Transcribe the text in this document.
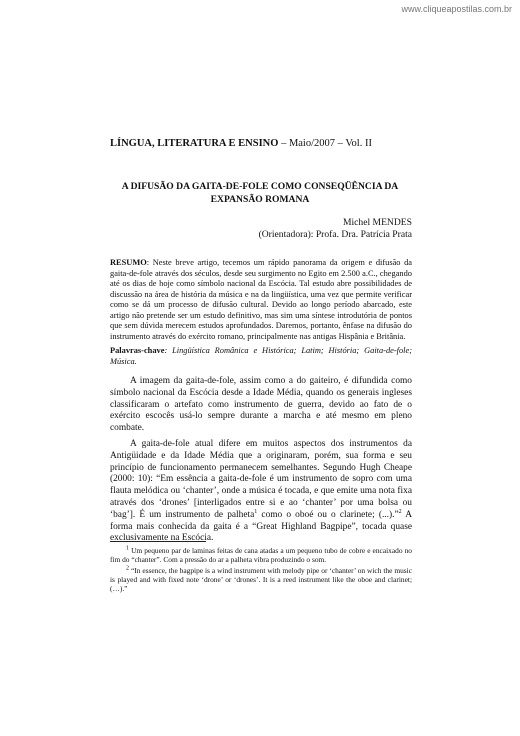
www.cliqueapostilas.com.br
LÍNGUA, LITERATURA E ENSINO – Maio/2007 – Vol. II
A DIFUSÃO DA GAITA-DE-FOLE COMO CONSEQÜÊNCIA DA EXPANSÃO ROMANA
Michel MENDES
(Orientadora): Profa. Dra. Patrícia Prata
RESUMO: Neste breve artigo, tecemos um rápido panorama da origem e difusão da gaita-de-fole através dos séculos, desde seu surgimento no Egito em 2.500 a.C., chegando até os dias de hoje como símbolo nacional da Escócia. Tal estudo abre possibilidades de discussão na área de história da música e na da lingüística, uma vez que permite verificar como se dá um processo de difusão cultural. Devido ao longo período abarcado, este artigo não pretende ser um estudo definitivo, mas sim uma síntese introdutória de pontos que sem dúvida merecem estudos aprofundados. Daremos, portanto, ênfase na difusão do instrumento através do exército romano, principalmente nas antigas Hispânia e Britânia.
Palavras-chave: Lingüística Românica e Histórica; Latim; História; Gaita-de-fole; Música.

A imagem da gaita-de-fole, assim como a do gaiteiro, é difundida como símbolo nacional da Escócia desde a Idade Média, quando os generais ingleses classificaram o artefato como instrumento de guerra, devido ao fato de o exército escocês usá-lo sempre durante a marcha e até mesmo em pleno combate.

A gaita-de-fole atual difere em muitos aspectos dos instrumentos da Antigüidade e da Idade Média que a originaram, porém, sua forma e seu princípio de funcionamento permanecem semelhantes. Segundo Hugh Cheape (2000: 10): “Em essência a gaita-de-fole é um instrumento de sopro com uma flauta melódica ou ‘chanter’, onde a música é tocada, e que emite uma nota fixa através dos ‘drones’ [interligados entre si e ao ‘chanter’ por uma bolsa ou ‘bag’]. É um instrumento de palheta$^1$ como o oboé ou o clarinete; (...).”$^2$ A forma mais conhecida da gaita é a “Great Highland Bagpipe”, tocada quase exclusivamente na Escócia.

$^1$ Um pequeno par de laminas feitas de cana atadas a um pequeno tubo de cobre e encaixado no fim do “chanter”. Com a pressão do ar a palheta vibra produzindo o som.

$^2$ “In essence, the bagpipe is a wind instrument with melody pipe or ‘chanter’ on wich the music is played and with fixed note ‘drone’ or ‘drones’. It is a reed instrument like the oboe and clarinet; (…).”
